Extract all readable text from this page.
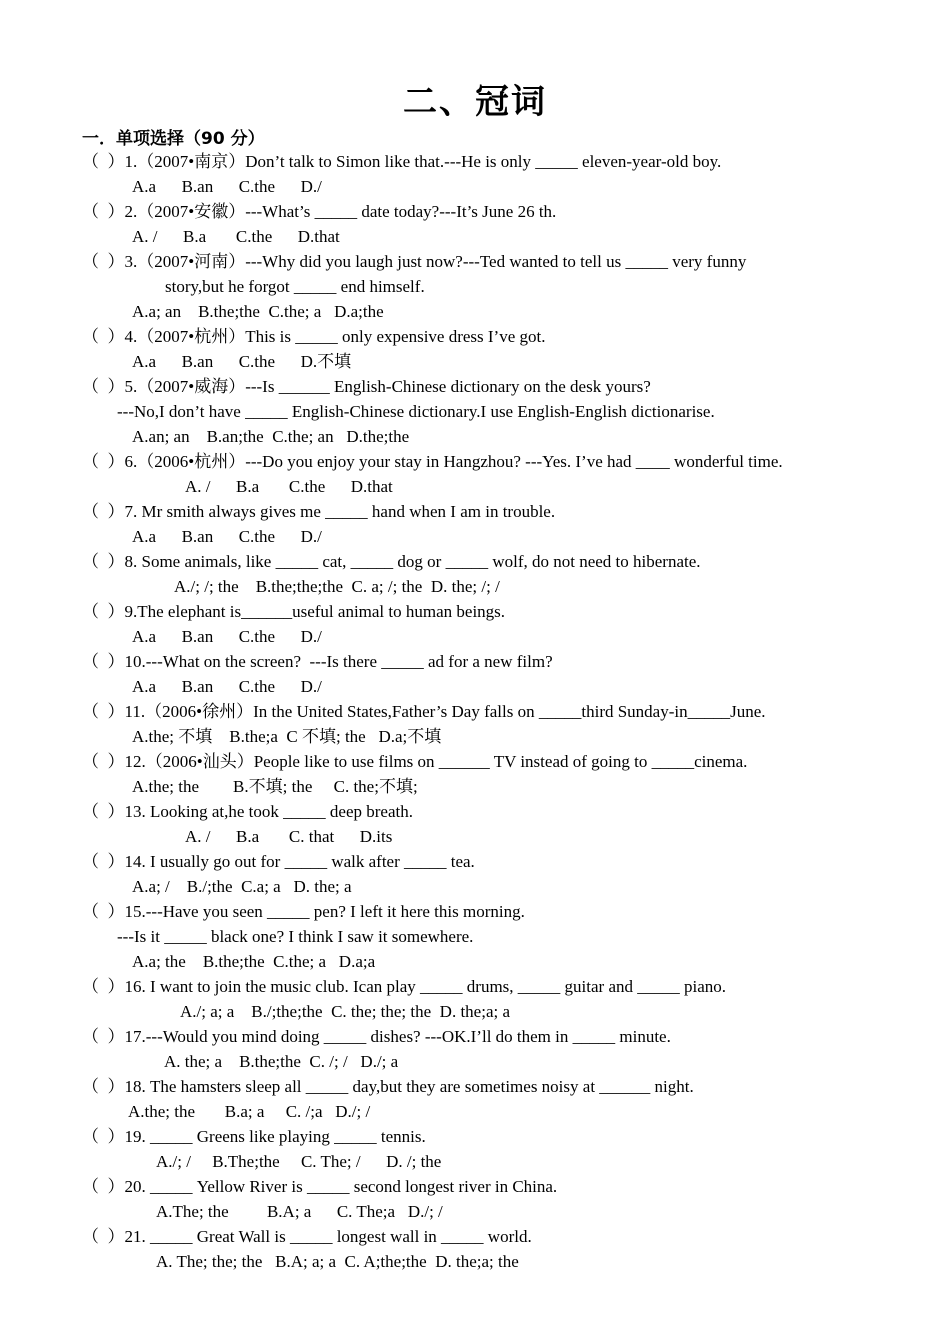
二、冠词
一．单项选择（90 分）
（  ）1.（2007•南京）Don’t talk to Simon like that.---He is only _____ eleven-year-old boy.
A.a      B.an      C.the      D./
（  ）2.（2007•安徽）---What’s _____ date today?---It’s June 26 th.
A. /      B.a       C.the      D.that
（  ）3.（2007•河南）---Why did you laugh just now?---Ted wanted to tell us _____ very funny
story,but he forgot _____ end himself.
A.a; an    B.the;the  C.the; a   D.a;the
（  ）4.（2007•杭州）This is _____ only expensive dress I’ve got.
A.a      B.an      C.the      D.不填
（  ）5.（2007•威海）---Is ______ English-Chinese dictionary on the desk yours?
---No,I don’t have _____ English-Chinese dictionary.I use English-English dictionarise.
A.an; an    B.an;the  C.the; an   D.the;the
（  ）6.（2006•杭州）---Do you enjoy your stay in Hangzhou? ---Yes. I’ve had ____ wonderful time.
A. /      B.a       C.the      D.that
（  ）7. Mr smith always gives me _____ hand when I am in trouble.
A.a      B.an      C.the      D./
（  ）8. Some animals, like _____ cat, _____ dog or _____ wolf, do not need to hibernate.
A./; /; the    B.the;the;the  C. a; /; the  D. the; /; /
（  ）9.The elephant is______useful animal to human beings.
A.a      B.an      C.the      D./
（  ）10.---What on the screen?  ---Is there _____ ad for a new film?
A.a      B.an      C.the      D./
（  ）11.（2006•徐州）In the United States,Father’s Day falls on _____third Sunday-in_____June.
A.the; 不填    B.the;a  C 不填; the   D.a;不填
（  ）12.（2006•汕头）People like to use films on ______ TV instead of going to _____cinema.
A.the; the        B.不填; the     C. the;不填;
（  ）13. Looking at,he took _____ deep breath.
A. /      B.a       C. that      D.its
（  ）14. I usually go out for _____ walk after _____ tea.
A.a; /    B./;the  C.a; a   D. the; a
（  ）15.---Have you seen _____ pen? I left it here this morning.
---Is it _____ black one? I think I saw it somewhere.
A.a; the    B.the;the  C.the; a   D.a;a
（  ）16. I want to join the music club. Ican play _____ drums, _____ guitar and _____ piano.
A./; a; a    B./;the;the  C. the; the; the  D. the;a; a
（  ）17.---Would you mind doing _____ dishes? ---OK.I’ll do them in _____ minute.
A. the; a    B.the;the  C. /; /   D./; a
（  ）18. The hamsters sleep all _____ day,but they are sometimes noisy at ______ night.
A.the; the       B.a; a     C. /;a   D./; /
（  ）19. _____ Greens like playing _____ tennis.
A./; /     B.The;the     C. The; /      D. /; the
（  ）20. _____ Yellow River is _____ second longest river in China.
A.The; the         B.A; a      C. The;a   D./; /
（  ）21. _____ Great Wall is _____ longest wall in _____ world.
A. The; the; the   B.A; a; a  C. A;the;the  D. the;a; the
